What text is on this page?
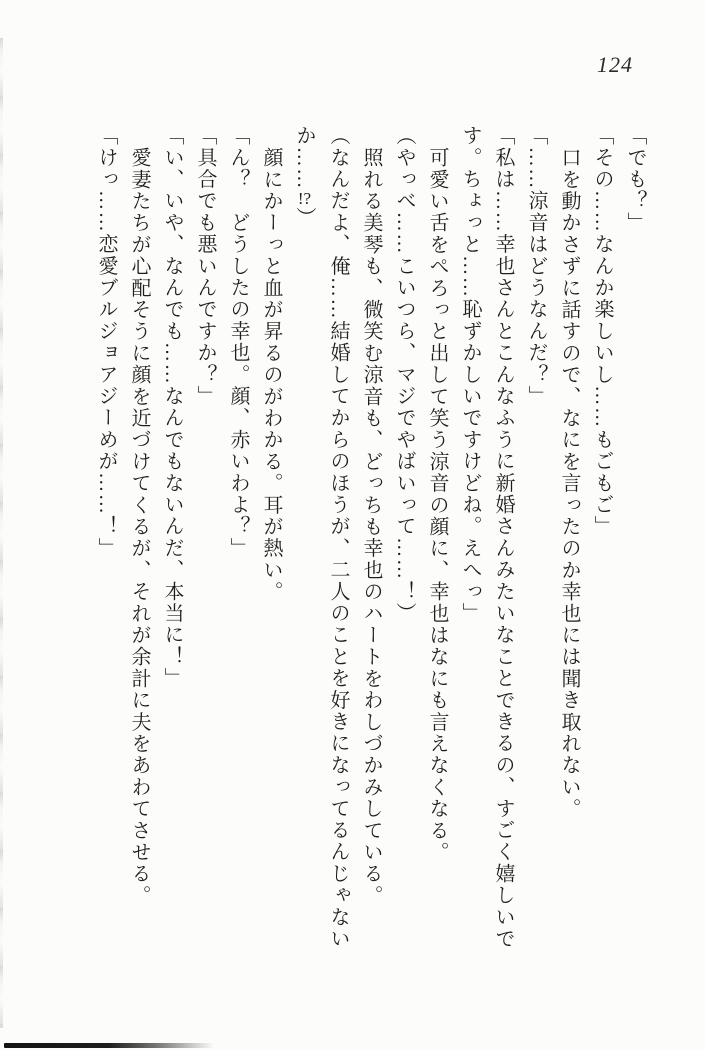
124
「でも？」
「その……なんか楽しいし……もごもご」
口を動かさずに話すので、なにを言ったのか幸也には聞き取れない。
「……涼音はどうなんだ？」
「私は……幸也さんとこんなふうに新婚さんみたいなことできるの、すごく嬉しいで
す。ちょっと……恥ずかしいですけどね。えへっ」
可愛い舌をぺろっと出して笑う涼音の顔に、幸也はなにも言えなくなる。
（やっべ……こいつら、マジでやばいって……！）
照れる美琴も、微笑む涼音も、どっちも幸也のハートをわしづかみしている。
（なんだよ、俺……結婚してからのほうが、二人のことを好きになってるんじゃない
か……!?）
顔にかーっと血が昇るのがわかる。耳が熱い。
「ん？　どうしたの幸也。顔、赤いわよ？」
「具合でも悪いんですか？」
「い、いや、なんでも……なんでもないんだ、本当に！」
愛妻たちが心配そうに顔を近づけてくるが、それが余計に夫をあわてさせる。
「けっ……恋愛ブルジョアジーめが……！」
